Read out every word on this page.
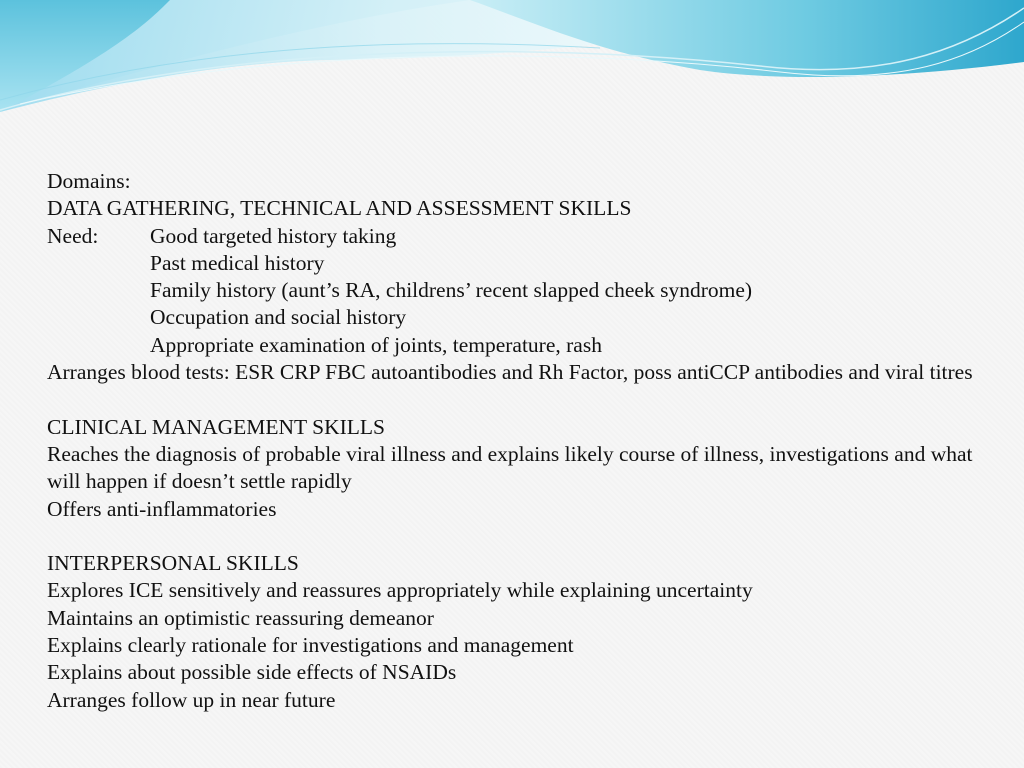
Domains:
DATA GATHERING, TECHNICAL AND ASSESSMENT SKILLS
Need: Good targeted history taking
Past medical history
Family history (aunt’s RA, childrens’ recent slapped cheek syndrome)
Occupation and social history
Appropriate examination of joints, temperature, rash
Arranges blood tests: ESR CRP FBC autoantibodies and Rh Factor, poss antiCCP antibodies and viral titres
CLINICAL MANAGEMENT SKILLS
Reaches the diagnosis of probable viral illness and explains likely course of illness, investigations and what will happen if doesn’t settle rapidly
Offers anti-inflammatories
INTERPERSONAL SKILLS
Explores ICE sensitively and reassures appropriately while explaining uncertainty
Maintains an optimistic reassuring demeanor
Explains clearly rationale for investigations and management
Explains about possible side effects of NSAIDs
Arranges follow up in near future
